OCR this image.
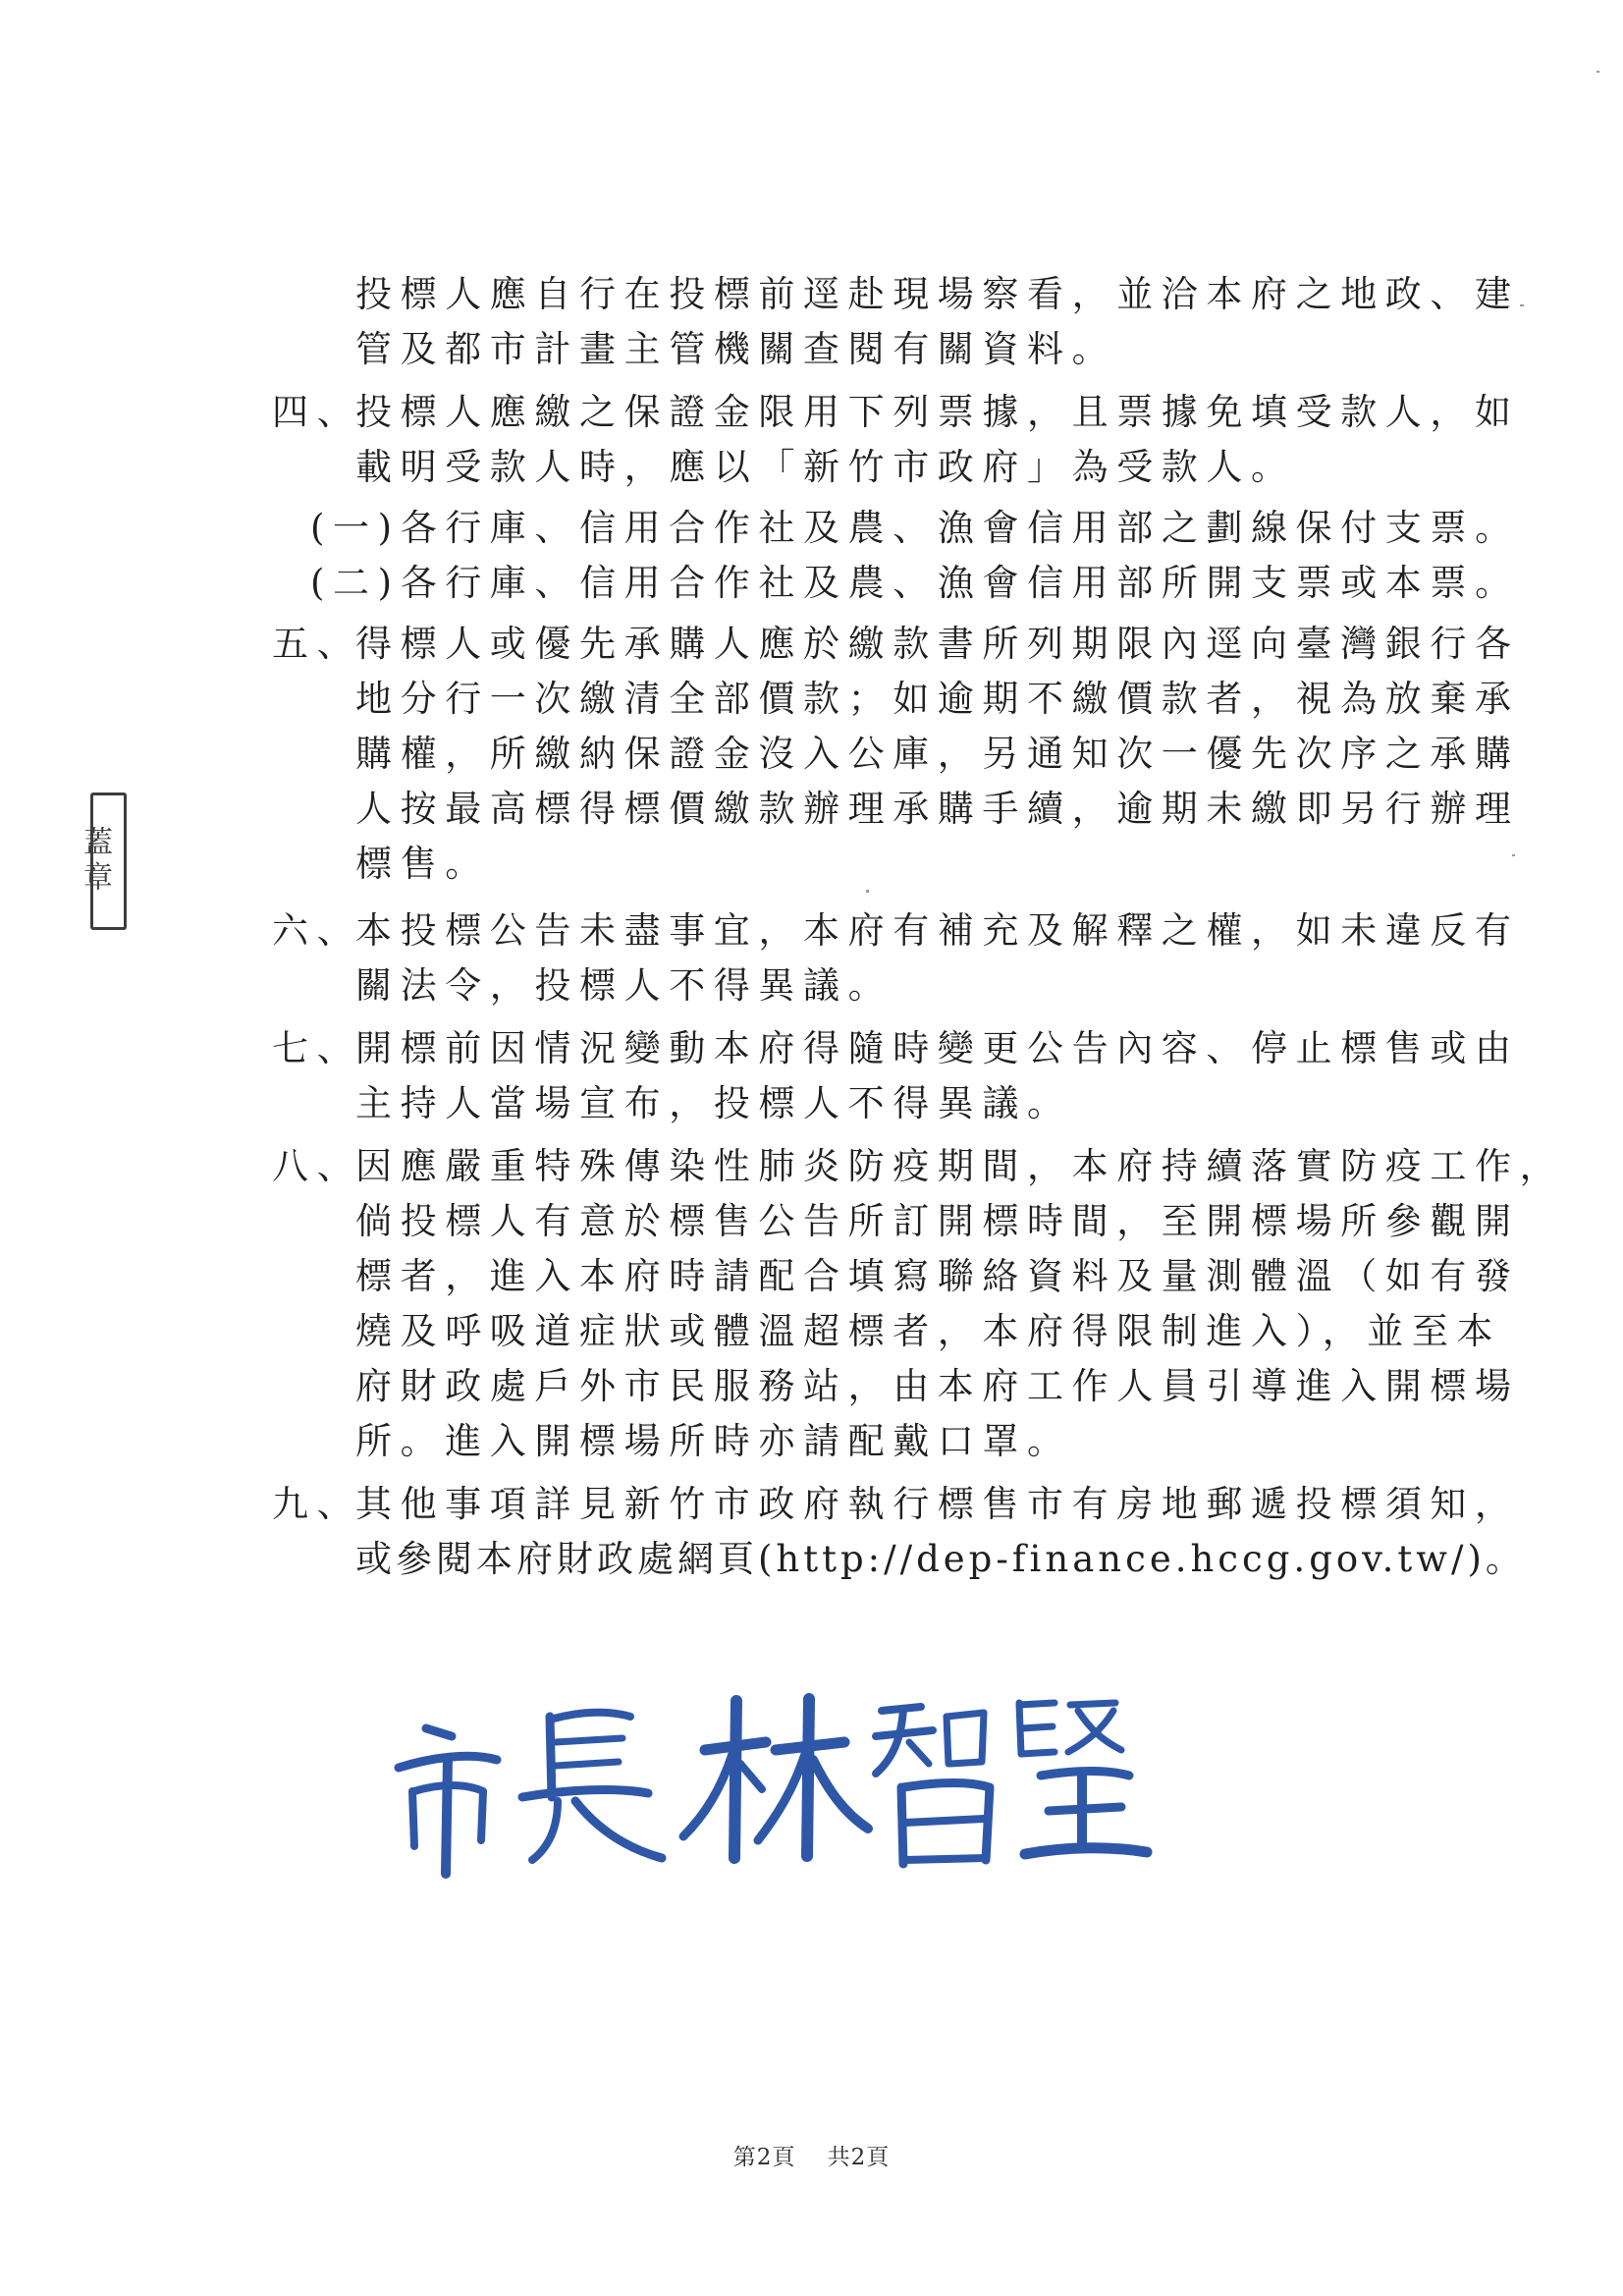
投標人應自行在投標前逕赴現場察看，並洽本府之地政、建
管及都市計畫主管機關查閱有關資料。
四、
投標人應繳之保證金限用下列票據，且票據免填受款人，如
載明受款人時，應以「新竹市政府」為受款人。
(一)各行庫、信用合作社及農、漁會信用部之劃線保付支票。
(二)各行庫、信用合作社及農、漁會信用部所開支票或本票。
五、
得標人或優先承購人應於繳款書所列期限內逕向臺灣銀行各
地分行一次繳清全部價款；如逾期不繳價款者，視為放棄承
購權，所繳納保證金沒入公庫，另通知次一優先次序之承購
人按最高標得標價繳款辦理承購手續，逾期未繳即另行辦理
標售。
六、
本投標公告未盡事宜，本府有補充及解釋之權，如未違反有
關法令，投標人不得異議。
七、
開標前因情況變動本府得隨時變更公告內容、停止標售或由
主持人當場宣布，投標人不得異議。
八、
因應嚴重特殊傳染性肺炎防疫期間，本府持續落實防疫工作，
倘投標人有意於標售公告所訂開標時間，至開標場所參觀開
標者，進入本府時請配合填寫聯絡資料及量測體溫（如有發
燒及呼吸道症狀或體溫超標者，本府得限制進入），並至本
府財政處戶外市民服務站，由本府工作人員引導進入開標場
所。進入開標場所時亦請配戴口罩。
九、
其他事項詳見新竹市政府執行標售市有房地郵遞投標須知，
或參閱本府財政處網頁(http://dep-finance.hccg.gov.tw/)。
蓋章
第2頁 共2頁
